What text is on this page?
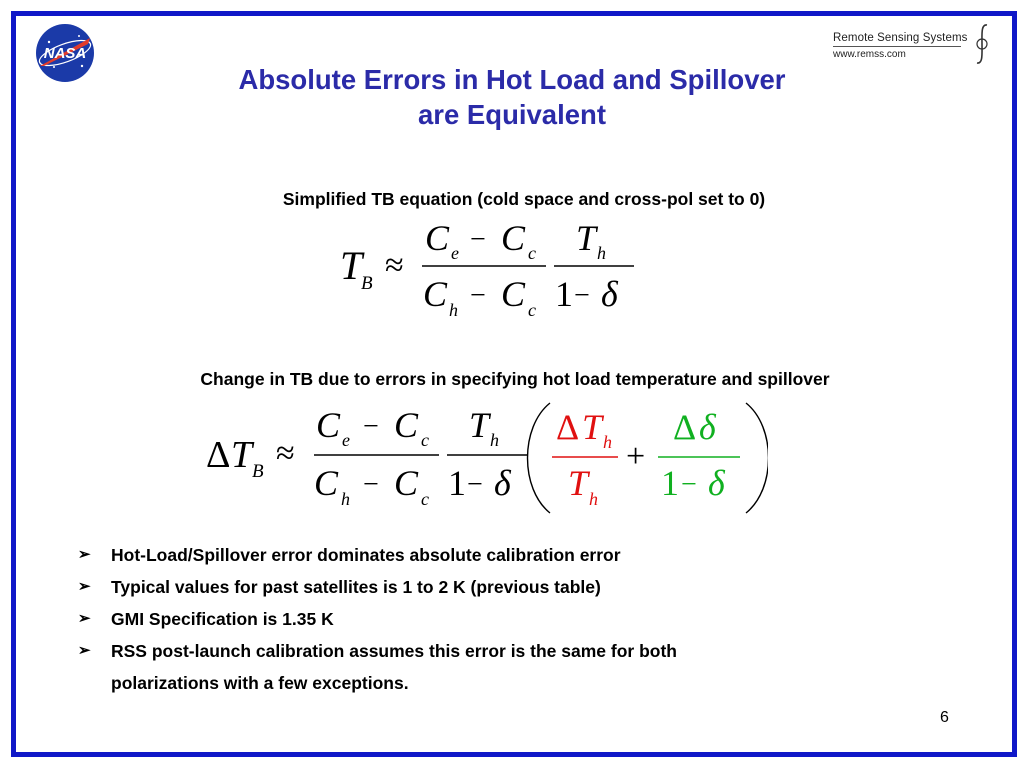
NASA
Remote Sensing Systems
www.remss.com
Absolute Errors in Hot Load and Spillover
are Equivalent
Simplified TB equation (cold space and cross-pol set to 0)
T
B ≈
C e − C c
C h − C c
T h
1 − δ
Change in TB due to errors in specifying hot load temperature and spillover
Δ T B ≈
C e − C c
C h − C c
T h
1 − δ
Δ T h
T h
+
Δ δ
1 − δ
➢	Hot-Load/Spillover error dominates absolute calibration error
➢	Typical values for past satellites is 1 to 2 K (previous table)
➢	GMI Specification is 1.35 K
➢	RSS post-launch calibration assumes this error is the same for both
polarizations with a few exceptions.
6
